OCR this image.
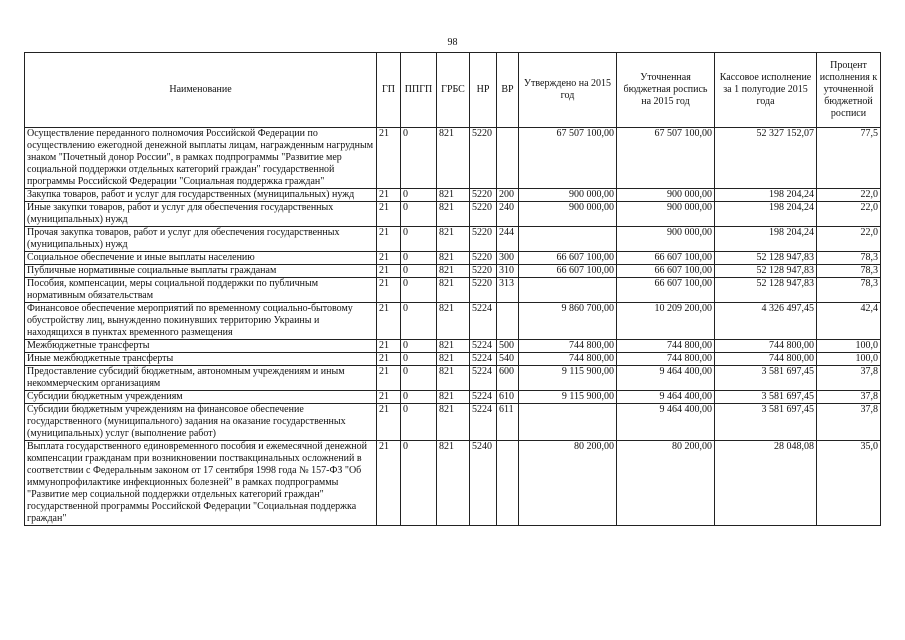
98
Наименование	ГП	ППГП	ГРБС	НР	ВР	Утверждено на 2015 год	Уточненная бюджетная роспись на 2015 год	Кассовое исполнение за 1 полугодие 2015 года	Процент исполнения к уточненной бюджетной росписи
Осуществление переданного полномочия Российской Федерации по осуществлению ежегодной денежной выплаты лицам, награжденным нагрудным знаком "Почетный донор России", в рамках подпрограммы "Развитие мер социальной поддержки отдельных категорий граждан" государственной программы Российской Федерации "Социальная поддержка граждан"	21	0	821	5220		67 507 100,00	67 507 100,00	52 327 152,07	77,5
Закупка товаров, работ и услуг для государственных (муниципальных) нужд	21	0	821	5220	200	900 000,00	900 000,00	198 204,24	22,0
Иные закупки товаров, работ и услуг для обеспечения государственных (муниципальных) нужд	21	0	821	5220	240	900 000,00	900 000,00	198 204,24	22,0
Прочая закупка товаров, работ и услуг для обеспечения государственных (муниципальных) нужд	21	0	821	5220	244		900 000,00	198 204,24	22,0
Социальное обеспечение и иные выплаты населению	21	0	821	5220	300	66 607 100,00	66 607 100,00	52 128 947,83	78,3
Публичные нормативные социальные выплаты гражданам	21	0	821	5220	310	66 607 100,00	66 607 100,00	52 128 947,83	78,3
Пособия, компенсации, меры социальной поддержки по публичным нормативным обязательствам	21	0	821	5220	313		66 607 100,00	52 128 947,83	78,3
Финансовое обеспечение мероприятий по временному социально-бытовому обустройству лиц, вынужденно покинувших территорию Украины и находящихся в пунктах временного размещения	21	0	821	5224		9 860 700,00	10 209 200,00	4 326 497,45	42,4
Межбюджетные трансферты	21	0	821	5224	500	744 800,00	744 800,00	744 800,00	100,0
Иные межбюджетные трансферты	21	0	821	5224	540	744 800,00	744 800,00	744 800,00	100,0
Предоставление субсидий бюджетным, автономным учреждениям и иным некоммерческим организациям	21	0	821	5224	600	9 115 900,00	9 464 400,00	3 581 697,45	37,8
Субсидии бюджетным учреждениям	21	0	821	5224	610	9 115 900,00	9 464 400,00	3 581 697,45	37,8
Субсидии бюджетным учреждениям на финансовое обеспечение государственного (муниципального) задания на оказание государственных (муниципальных) услуг (выполнение работ)	21	0	821	5224	611		9 464 400,00	3 581 697,45	37,8
Выплата государственного единовременного пособия и ежемесячной денежной компенсации гражданам при возникновении поствакцинальных осложнений в соответствии с Федеральным законом от 17 сентября 1998 года № 157-ФЗ "Об иммунопрофилактике инфекционных болезней" в рамках подпрограммы "Развитие мер социальной поддержки отдельных категорий граждан" государственной программы Российской Федерации "Социальная поддержка граждан"	21	0	821	5240		80 200,00	80 200,00	28 048,08	35,0
